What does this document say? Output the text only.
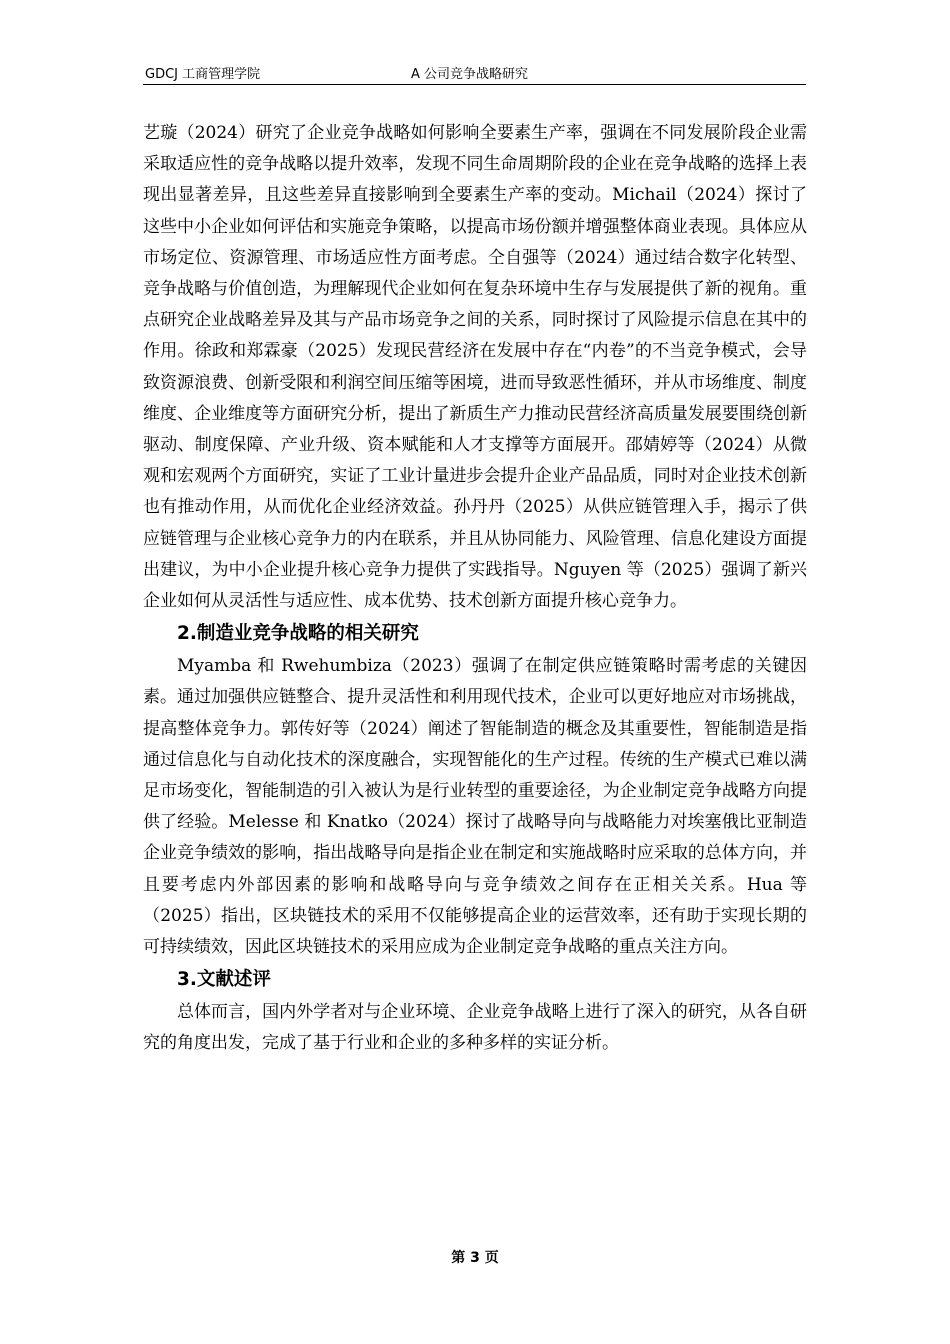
GDCJ 工商管理学院	A 公司竞争战略研究

艺璇（2024）研究了企业竞争战略如何影响全要素生产率，强调在不同发展阶段企业需采取适应性的竞争战略以提升效率，发现不同生命周期阶段的企业在竞争战略的选择上表现出显著差异，且这些差异直接影响到全要素生产率的变动。Michail（2024）探讨了这些中小企业如何评估和实施竞争策略，以提高市场份额并增强整体商业表现。具体应从市场定位、资源管理、市场适应性方面考虑。仝自强等（2024）通过结合数字化转型、竞争战略与价值创造，为理解现代企业如何在复杂环境中生存与发展提供了新的视角。重点研究企业战略差异及其与产品市场竞争之间的关系，同时探讨了风险提示信息在其中的作用。徐政和郑霖豪（2025）发现民营经济在发展中存在“内卷”的不当竞争模式，会导致资源浪费、创新受限和利润空间压缩等困境，进而导致恶性循环，并从市场维度、制度维度、企业维度等方面研究分析，提出了新质生产力推动民营经济高质量发展要围绕创新驱动、制度保障、产业升级、资本赋能和人才支撑等方面展开。邵婧婷等（2024）从微观和宏观两个方面研究，实证了工业计量进步会提升企业产品品质，同时对企业技术创新也有推动作用，从而优化企业经济效益。孙丹丹（2025）从供应链管理入手，揭示了供应链管理与企业核心竞争力的内在联系，并且从协同能力、风险管理、信息化建设方面提出建议，为中小企业提升核心竞争力提供了实践指导。Nguyen 等（2025）强调了新兴企业如何从灵活性与适应性、成本优势、技术创新方面提升核心竞争力。

2.制造业竞争战略的相关研究

Myamba 和 Rwehumbiza（2023）强调了在制定供应链策略时需考虑的关键因素。通过加强供应链整合、提升灵活性和利用现代技术，企业可以更好地应对市场挑战，提高整体竞争力。郭传好等（2024）阐述了智能制造的概念及其重要性，智能制造是指通过信息化与自动化技术的深度融合，实现智能化的生产过程。传统的生产模式已难以满足市场变化，智能制造的引入被认为是行业转型的重要途径，为企业制定竞争战略方向提供了经验。Melesse 和 Knatko（2024）探讨了战略导向与战略能力对埃塞俄比亚制造企业竞争绩效的影响，指出战略导向是指企业在制定和实施战略时应采取的总体方向，并且要考虑内外部因素的影响和战略导向与竞争绩效之间存在正相关关系。Hua 等（2025）指出，区块链技术的采用不仅能够提高企业的运营效率，还有助于实现长期的可持续绩效，因此区块链技术的采用应成为企业制定竞争战略的重点关注方向。

3.文献述评

总体而言，国内外学者对与企业环境、企业竞争战略上进行了深入的研究，从各自研究的角度出发，完成了基于行业和企业的多种多样的实证分析。

第 3 页
